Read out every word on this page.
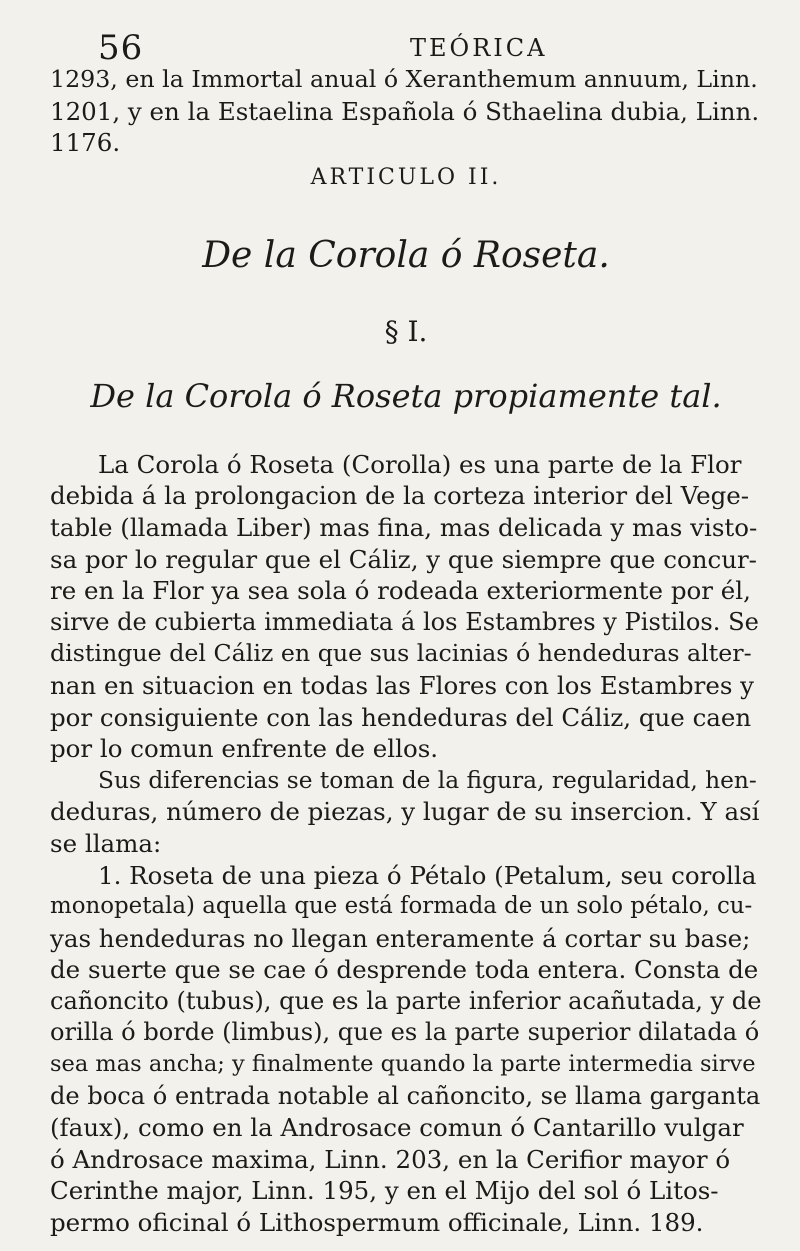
56	TEÓRICA
1293, en la Immortal anual ó Xeranthemum annuum, Linn.
1201, y en la Estaelina Española ó Sthaelina dubia, Linn.
1176.
ARTICULO II.
De la Corola ó Roseta.
§ I.
De la Corola ó Roseta propiamente tal.
La Corola ó Roseta (Corolla) es una parte de la Flor
debida á la prolongacion de la corteza interior del Vege-
table (llamada Liber) mas fina, mas delicada y mas visto-
sa por lo regular que el Cáliz, y que siempre que concur-
re en la Flor ya sea sola ó rodeada exteriormente por él,
sirve de cubierta immediata á los Estambres y Pistilos. Se
distingue del Cáliz en que sus lacinias ó hendeduras alter-
nan en situacion en todas las Flores con los Estambres y
por consiguiente con las hendeduras del Cáliz, que caen
por lo comun enfrente de ellos.
Sus diferencias se toman de la figura, regularidad, hen-
deduras, número de piezas, y lugar de su insercion. Y así
se llama:
1. Roseta de una pieza ó Pétalo (Petalum, seu corolla
monopetala) aquella que está formada de un solo pétalo, cu-
yas hendeduras no llegan enteramente á cortar su base;
de suerte que se cae ó desprende toda entera. Consta de
cañoncito (tubus), que es la parte inferior acañutada, y de
orilla ó borde (limbus), que es la parte superior dilatada ó
sea mas ancha; y finalmente quando la parte intermedia sirve
de boca ó entrada notable al cañoncito, se llama garganta
(faux), como en la Androsace comun ó Cantarillo vulgar
ó Androsace maxima, Linn. 203, en la Cerifior mayor ó
Cerinthe major, Linn. 195, y en el Mijo del sol ó Litos-
permo oficinal ó Lithospermum officinale, Linn. 189.
